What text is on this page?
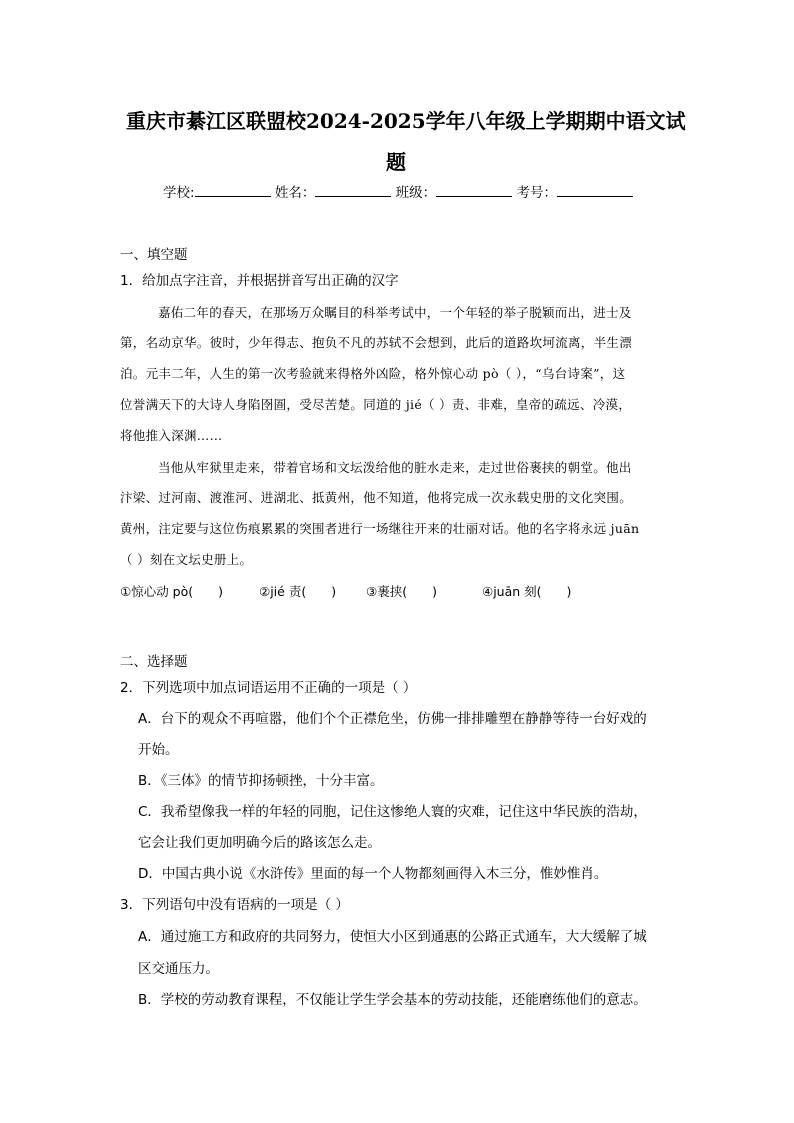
重庆市綦江区联盟校2024-2025学年八年级上学期期中语文试
题
学校:	姓名：	班级：	考号：
一、填空题
1．给加点字注音，并根据拼音写出正确的汉字
嘉佑二年的春天，在那场万众瞩目的科举考试中，一个年轻的举子脱颖而出，进士及
第，名动京华。彼时，少年得志、抱负不凡的苏轼不会想到，此后的道路坎坷流离，半生漂
泊。元丰二年，人生的第一次考验就来得格外凶险，格外惊心动 pò（ ），“乌台诗案”，这
位誉满天下的大诗人身陷囹圄，受尽苦楚。同道的 jié（ ）责、非难，皇帝的疏远、冷漠，
将他推入深渊……
当他从牢狱里走来，带着官场和文坛泼给他的脏水走来，走过世俗裹挟的朝堂。他出
汴梁、过河南、渡淮河、进湖北、抵黄州，他不知道，他将完成一次永载史册的文化突围。
黄州，注定要与这位伤痕累累的突围者进行一场继往开来的壮丽对话。他的名字将永远 juān
（ ）刻在文坛史册上。
①惊心动 pò(　　)	②jié 责(　　) ③裹挟(　　)	④juān 刻(　　)
二、选择题
2．下列选项中加点词语运用不正确的一项是（ ）
A．台下的观众不再喧嚣，他们个个正襟危坐，仿佛一排排雕塑在静静等待一台好戏的
开始。
B．《三体》的情节抑扬顿挫，十分丰富。
C．我希望像我一样的年轻的同胞，记住这惨绝人寰的灾难，记住这中华民族的浩劫，
它会让我们更加明确今后的路该怎么走。
D．中国古典小说《水浒传》里面的每一个人物都刻画得入木三分，惟妙惟肖。
3．下列语句中没有语病的一项是（ ）
A．通过施工方和政府的共同努力，使恒大小区到通惠的公路正式通车，大大缓解了城
区交通压力。
B．学校的劳动教育课程，不仅能让学生学会基本的劳动技能，还能磨练他们的意志。
